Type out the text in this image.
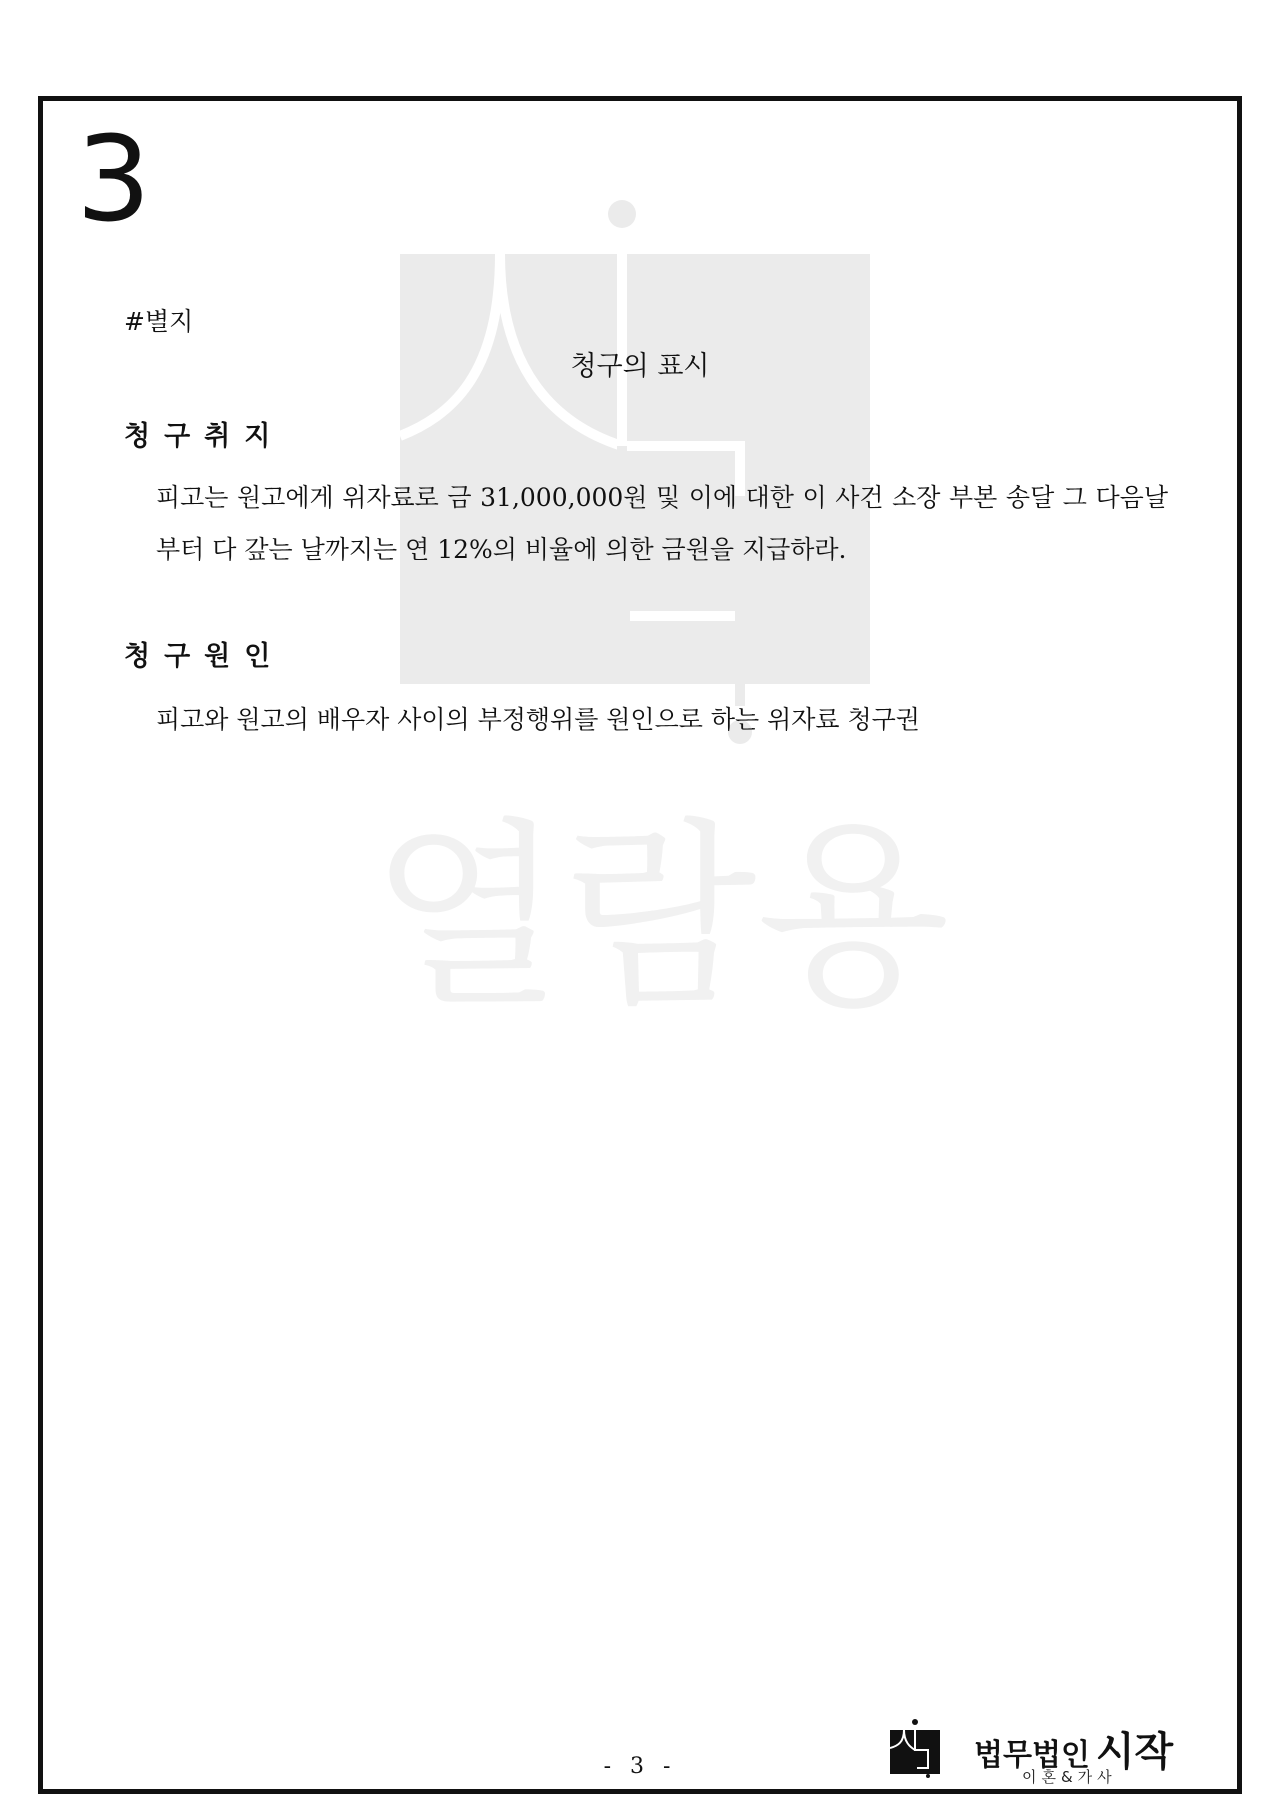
열람용
3
#별지
청구의 표시
청구취지
피고는 원고에게 위자료로 금 31,000,000원 및 이에 대한 이 사건 소장 부본 송달 그 다음날부터 다 갚는 날까지는 연 12%의 비율에 의한 금원을 지급하라.
청구원인
피고와 원고의 배우자 사이의 부정행위를 원인으로 하는 위자료 청구권
- 3 -	법무법인 시작
이혼&가사
